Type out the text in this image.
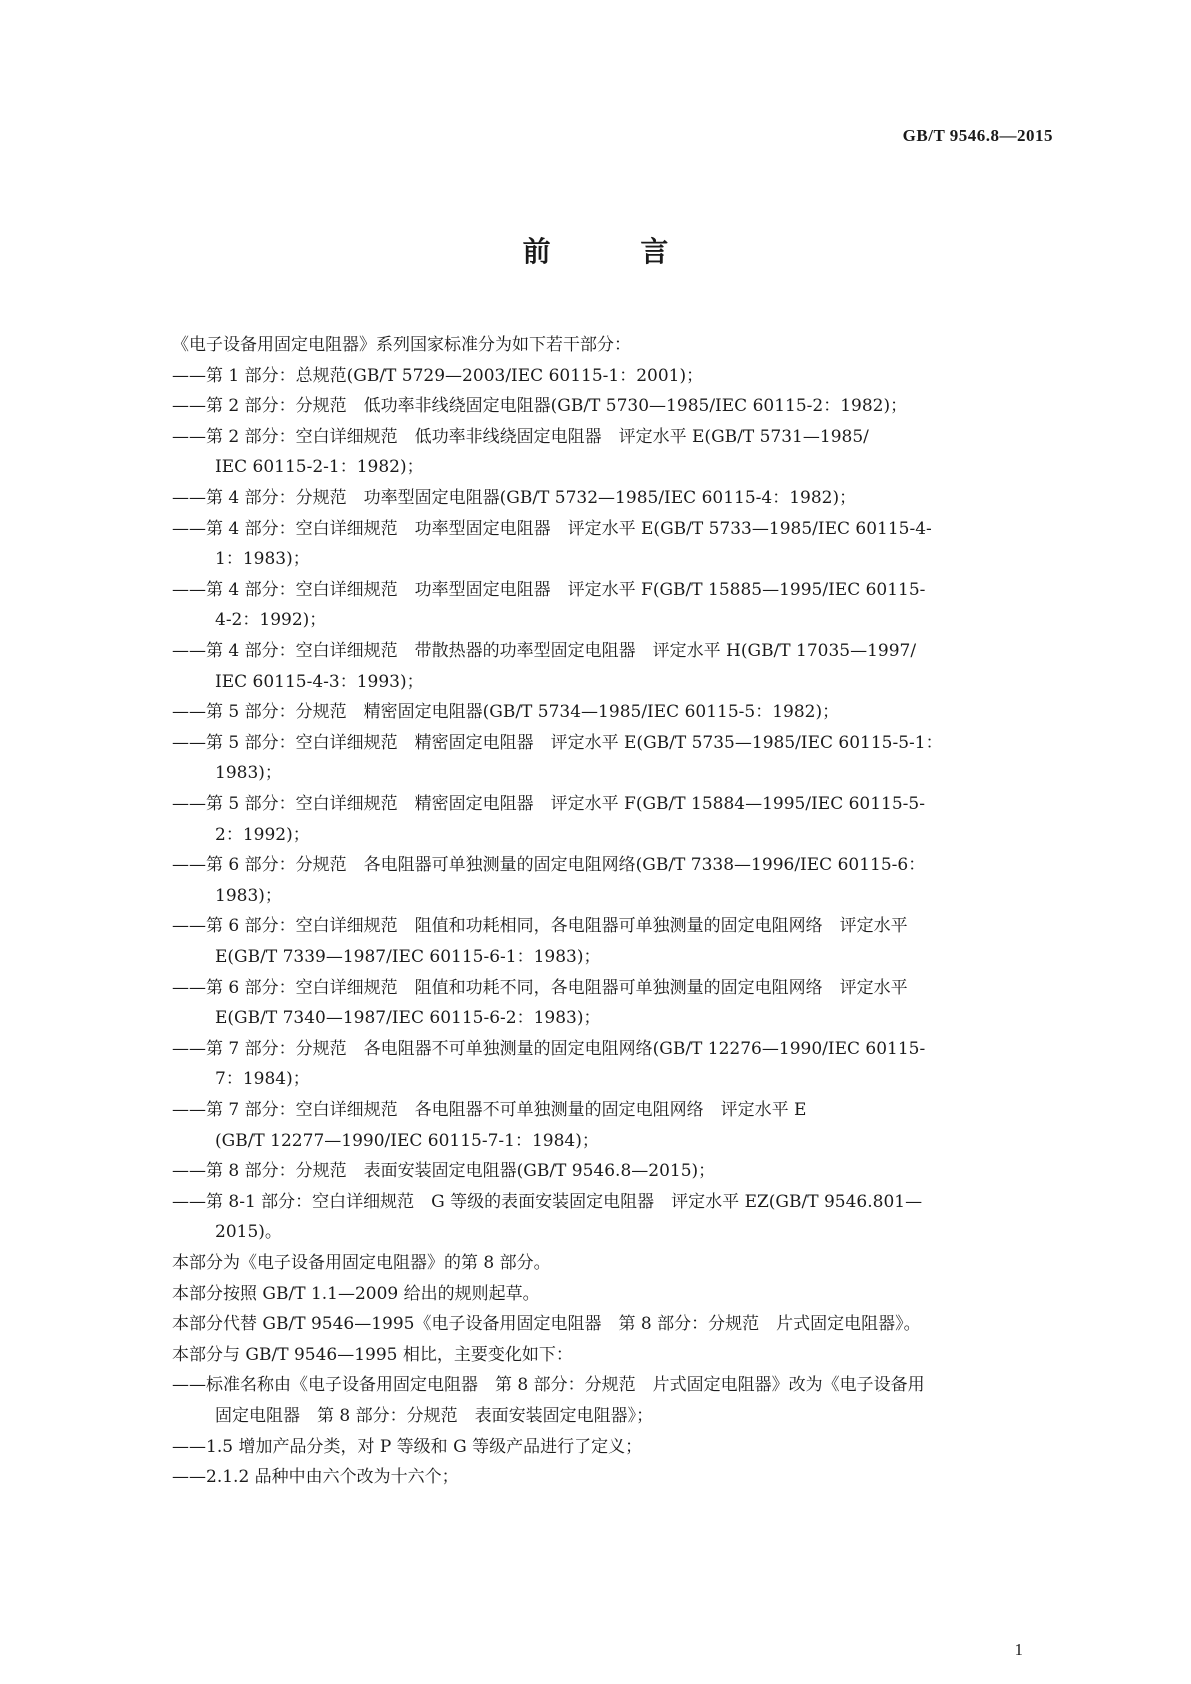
GB/T 9546.8—2015
前 言
《电子设备用固定电阻器》系列国家标准分为如下若干部分：
——第 1 部分：总规范(GB/T 5729—2003/IEC 60115-1：2001)；
——第 2 部分：分规范　低功率非线绕固定电阻器(GB/T 5730—1985/IEC 60115-2：1982)；
——第 2 部分：空白详细规范　低功率非线绕固定电阻器　评定水平 E(GB/T 5731—1985/
IEC 60115-2-1：1982)；
——第 4 部分：分规范　功率型固定电阻器(GB/T 5732—1985/IEC 60115-4：1982)；
——第 4 部分：空白详细规范　功率型固定电阻器　评定水平 E(GB/T 5733—1985/IEC 60115-4-
1：1983)；
——第 4 部分：空白详细规范　功率型固定电阻器　评定水平 F(GB/T 15885—1995/IEC 60115-
4-2：1992)；
——第 4 部分：空白详细规范　带散热器的功率型固定电阻器　评定水平 H(GB/T 17035—1997/
IEC 60115-4-3：1993)；
——第 5 部分：分规范　精密固定电阻器(GB/T 5734—1985/IEC 60115-5：1982)；
——第 5 部分：空白详细规范　精密固定电阻器　评定水平 E(GB/T 5735—1985/IEC 60115-5-1：
1983)；
——第 5 部分：空白详细规范　精密固定电阻器　评定水平 F(GB/T 15884—1995/IEC 60115-5-
2：1992)；
——第 6 部分：分规范　各电阻器可单独测量的固定电阻网络(GB/T 7338—1996/IEC 60115-6：
1983)；
——第 6 部分：空白详细规范　阻值和功耗相同，各电阻器可单独测量的固定电阻网络　评定水平
E(GB/T 7339—1987/IEC 60115-6-1：1983)；
——第 6 部分：空白详细规范　阻值和功耗不同，各电阻器可单独测量的固定电阻网络　评定水平
E(GB/T 7340—1987/IEC 60115-6-2：1983)；
——第 7 部分：分规范　各电阻器不可单独测量的固定电阻网络(GB/T 12276—1990/IEC 60115-
7：1984)；
——第 7 部分：空白详细规范　各电阻器不可单独测量的固定电阻网络　评定水平 E
(GB/T 12277—1990/IEC 60115-7-1：1984)；
——第 8 部分：分规范　表面安装固定电阻器(GB/T 9546.8—2015)；
——第 8-1 部分：空白详细规范　G 等级的表面安装固定电阻器　评定水平 EZ(GB/T 9546.801—
2015)。
本部分为《电子设备用固定电阻器》的第 8 部分。
本部分按照 GB/T 1.1—2009 给出的规则起草。
本部分代替 GB/T 9546—1995《电子设备用固定电阻器　第 8 部分：分规范　片式固定电阻器》。
本部分与 GB/T 9546—1995 相比，主要变化如下：
——标准名称由《电子设备用固定电阻器　第 8 部分：分规范　片式固定电阻器》改为《电子设备用
固定电阻器　第 8 部分：分规范　表面安装固定电阻器》；
——1.5 增加产品分类，对 P 等级和 G 等级产品进行了定义；
——2.1.2 品种中由六个改为十六个；
1
